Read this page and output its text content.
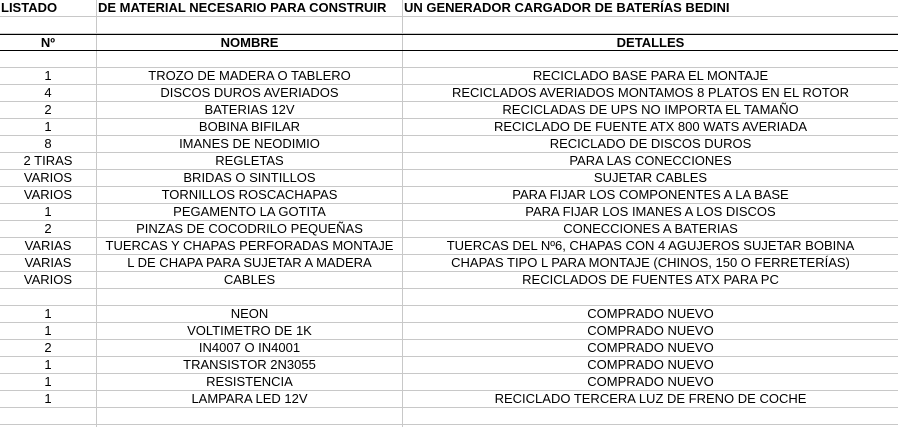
LISTADO	DE MATERIAL NECESARIO PARA CONSTRUIR	UN GENERADOR CARGADOR DE BATERÍAS BEDINI
Nº	NOMBRE	DETALLES
1	TROZO DE MADERA O TABLERO	RECICLADO BASE PARA EL MONTAJE
4	DISCOS DUROS AVERIADOS	RECICLADOS AVERIADOS MONTAMOS 8 PLATOS EN EL ROTOR
2	BATERIAS 12V	RECICLADAS DE UPS NO IMPORTA EL TAMAÑO
1	BOBINA BIFILAR	RECICLADO DE FUENTE ATX 800 WATS AVERIADA
8	IMANES DE NEODIMIO	RECICLADO DE DISCOS DUROS
2 TIRAS	REGLETAS	PARA LAS CONECCIONES
VARIOS	BRIDAS O SINTILLOS	SUJETAR CABLES
VARIOS	TORNILLOS ROSCACHAPAS	PARA FIJAR LOS COMPONENTES A LA BASE
1	PEGAMENTO LA GOTITA	PARA FIJAR LOS IMANES A LOS DISCOS
2	PINZAS DE COCODRILO PEQUEÑAS	CONECCIONES A BATERIAS
VARIAS	TUERCAS Y CHAPAS PERFORADAS MONTAJE	TUERCAS DEL Nº6, CHAPAS CON 4 AGUJEROS SUJETAR BOBINA
VARIAS	L DE CHAPA PARA SUJETAR A MADERA	CHAPAS TIPO L PARA MONTAJE (CHINOS, 150 O FERRETERÍAS)
VARIOS	CABLES	RECICLADOS DE FUENTES ATX PARA PC
1	NEON	COMPRADO NUEVO
1	VOLTIMETRO DE 1K	COMPRADO NUEVO
2	IN4007 O IN4001	COMPRADO NUEVO
1	TRANSISTOR 2N3055	COMPRADO NUEVO
1	RESISTENCIA	COMPRADO NUEVO
1	LAMPARA LED 12V	RECICLADO TERCERA LUZ DE FRENO DE COCHE
